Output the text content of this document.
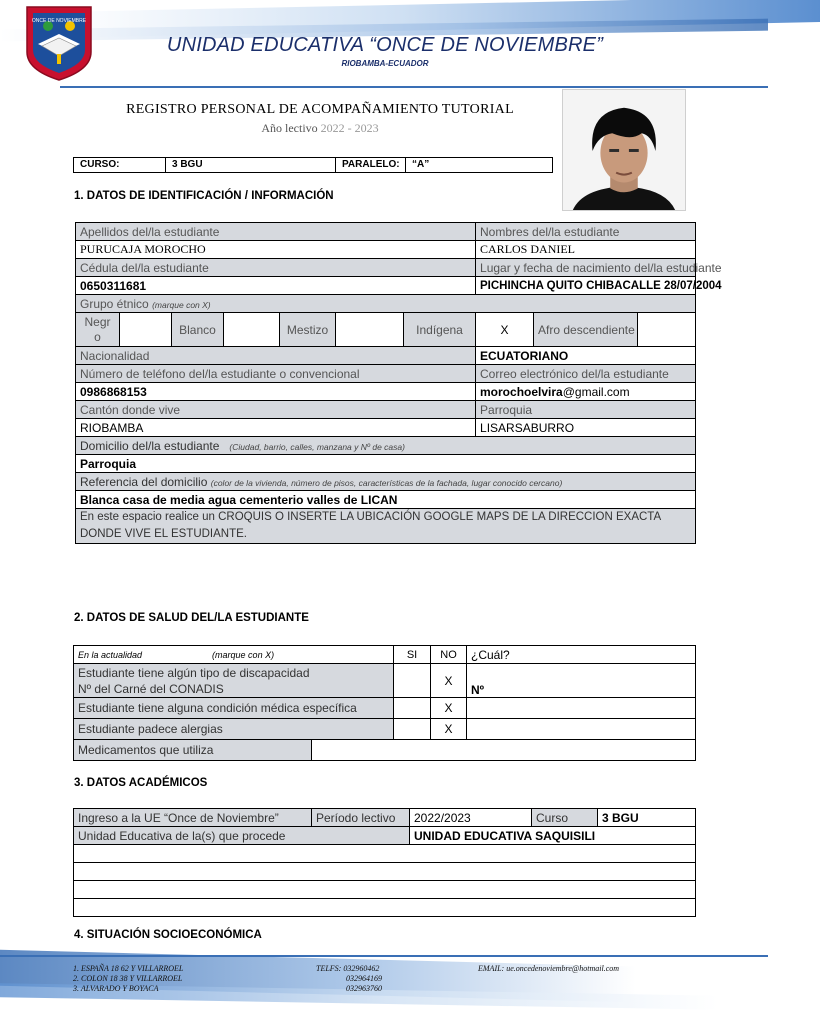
ONCE DE NOVIEMBRE
UNIDAD EDUCATIVA “ONCE DE NOVIEMBRE”
RIOBAMBA-ECUADOR
REGISTRO PERSONAL DE ACOMPAÑAMIENTO TUTORIAL
Año lectivo 2022 - 2023
CURSO:	3 BGU	PARALELO:	“A”
1. DATOS DE IDENTIFICACIÓN / INFORMACIÓN
Apellidos del/la estudiante							Nombres del/la estudiante		
PURUCAJA MOROCHO							CARLOS DANIEL		
Cédula del/la estudiante							Lugar y fecha de nacimiento del/la estudiante		
0650311681							PICHINCHA QUITO CHIBACALLE 28/07/2004		
Grupo étnico (marque con X)									
Negr
o		Blanco		Mestizo		Indígena	X	Afro descendiente	
Nacionalidad							ECUATORIANO		
Número de teléfono del/la estudiante o convencional							Correo electrónico del/la estudiante		
0986868153							morochoelvira@gmail.com		
Cantón donde vive							Parroquia		
RIOBAMBA							LISARSABURRO		
Domicilio del/la estudiante (Ciudad, barrio, calles, manzana y Nº de casa)									
Parroquia									
Referencia del domicilio (color de la vivienda, número de pisos, características de la fachada, lugar conocido cercano)									
Blanca casa de media agua cementerio valles de LICAN									
En este espacio realice un CROQUIS O INSERTE LA UBICACIÓN GOOGLE MAPS DE LA DIRECCION EXACTA
DONDE VIVE EL ESTUDIANTE.									
2. DATOS DE SALUD DEL/LA ESTUDIANTE
En la actualidad (marque con X)		SI	NO	¿Cuál?
Estudiante tiene algún tipo de discapacidad
Nº del Carné del CONADIS			X	Nº
Estudiante tiene alguna condición médica específica			X	
Estudiante padece alergias			X	
Medicamentos que utiliza				
3. DATOS ACADÉMICOS
Ingreso a la UE “Once de Noviembre”	Período lectivo	2022/2023	Curso	3 BGU
Unidad Educativa de la(s) que procede		UNIDAD EDUCATIVA SAQUISILI		

4. SITUACIÓN SOCIOECONÓMICA
1. ESPAÑA 18 62 Y VILLARROEL
2. COLON 18 38 Y VILLARROEL
3. ALVARADO Y BOYACA
TELFS: 032960462
032964169
032963760
EMAIL: ue.oncedenoviembre@hotmail.com
